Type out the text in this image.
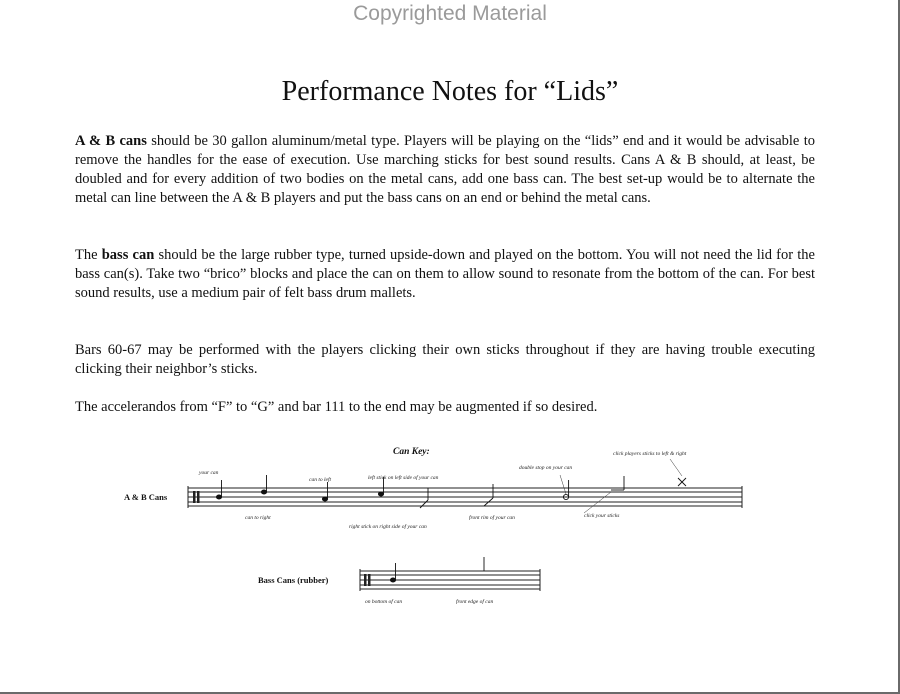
Copyrighted Material
Performance Notes for “Lids”

A & B cans should be 30 gallon aluminum/metal type. Players will be playing on the “lids” end and it would be advisable to remove the handles for the ease of execution. Use marching sticks for best sound results. Cans A & B should, at least, be doubled and for every addition of two bodies on the metal cans, add one bass can. The best set-up would be to alternate the metal can line between the A & B players and put the bass cans on an end or behind the metal cans.

The bass can should be the large rubber type, turned upside-down and played on the bottom. You will not need the lid for the bass can(s). Take two “brico” blocks and place the can on them to allow sound to resonate from the bottom of the can. For best sound results, use a medium pair of felt bass drum mallets.

Bars 60-67 may be performed with the players clicking their own sticks throughout if they are having trouble executing clicking their neighbor’s sticks.

The accelerandos from “F” to “G” and bar 111 to the end may be augmented if so desired.

Can Key:
A & B Cans
your can
can to right
can to left	left stick on left side of your can
right stick on right side of your can
front rim of your can
double stop on your can
click your sticks
click players sticks to left & right
Bass Cans (rubber)
on bottom of can	front edge of can
